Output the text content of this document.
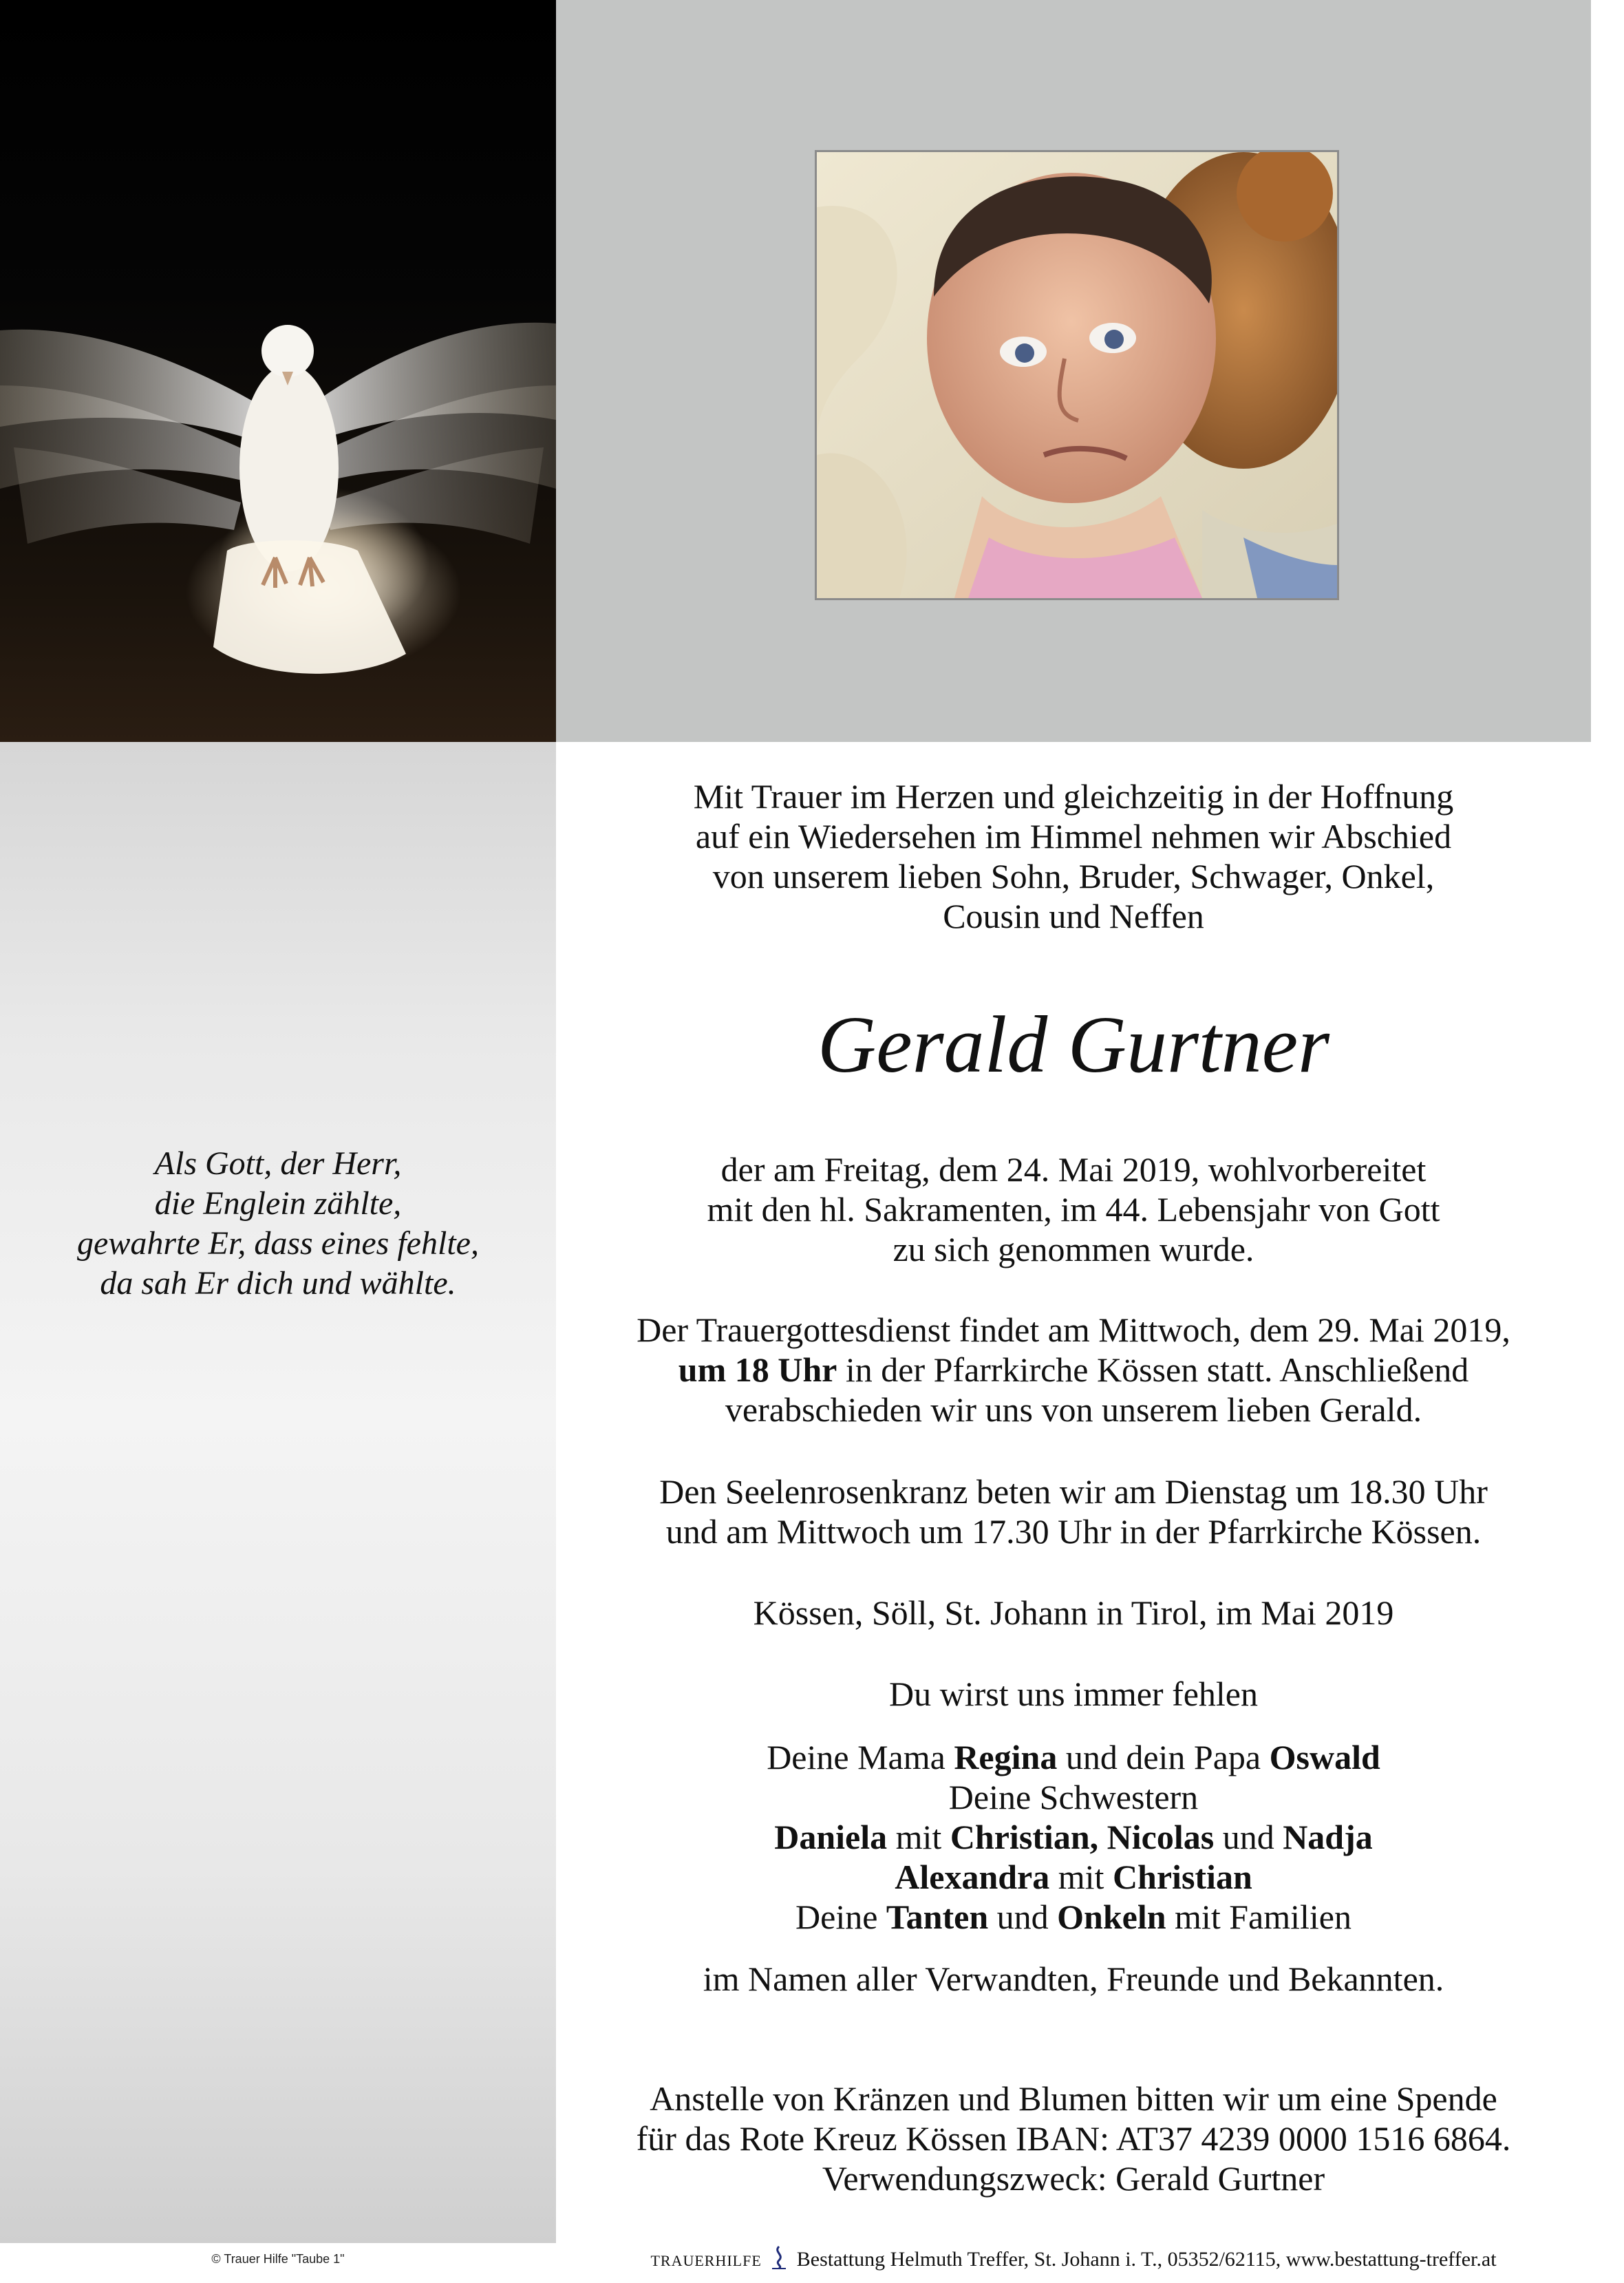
Mit Trauer im Herzen und gleichzeitig in der Hoffnung
auf ein Wiedersehen im Himmel nehmen wir Abschied
von unserem lieben Sohn, Bruder, Schwager, Onkel,
Cousin und Neffen
Gerald Gurtner
Als Gott, der Herr,
die Englein zählte,
gewahrte Er, dass eines fehlte,
da sah Er dich und wählte.
der am Freitag, dem 24. Mai 2019, wohlvorbereitet
mit den hl. Sakramenten, im 44. Lebensjahr von Gott
zu sich genommen wurde.
Der Trauergottesdienst findet am Mittwoch, dem 29. Mai 2019,
um 18 Uhr in der Pfarrkirche Kössen statt. Anschließend
verabschieden wir uns von unserem lieben Gerald.
Den Seelenrosenkranz beten wir am Dienstag um 18.30 Uhr
und am Mittwoch um 17.30 Uhr in der Pfarrkirche Kössen.
Kössen, Söll, St. Johann in Tirol, im Mai 2019
Du wirst uns immer fehlen
Deine Mama Regina und dein Papa Oswald
Deine Schwestern
Daniela mit Christian, Nicolas und Nadja
Alexandra mit Christian
Deine Tanten und Onkeln mit Familien
im Namen aller Verwandten, Freunde und Bekannten.
Anstelle von Kränzen und Blumen bitten wir um eine Spende
für das Rote Kreuz Kössen IBAN: AT37 4239 0000 1516 6864.
Verwendungszweck: Gerald Gurtner
© Trauer Hilfe "Taube 1"	TRAUERHILFE Bestattung Helmuth Treffer, St. Johann i. T., 05352/62115, www.bestattung-treffer.at
